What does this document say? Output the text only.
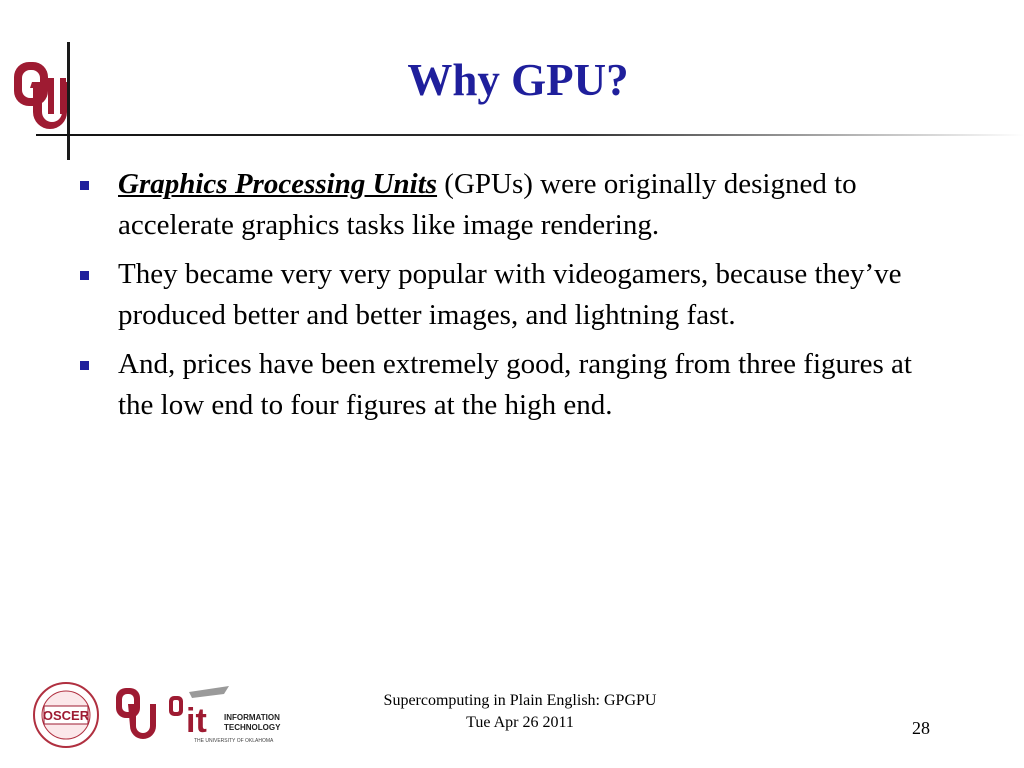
Why GPU?
Graphics Processing Units (GPUs) were originally designed to accelerate graphics tasks like image rendering.
They became very very popular with videogamers, because they’ve produced better and better images, and lightning fast.
And, prices have been extremely good, ranging from three figures at the low end to four figures at the high end.
OSCER	it INFORMATION
TECHNOLOGY
THE UNIVERSITY OF OKLAHOMA
Supercomputing in Plain English: GPGPU
Tue Apr 26 2011	28
